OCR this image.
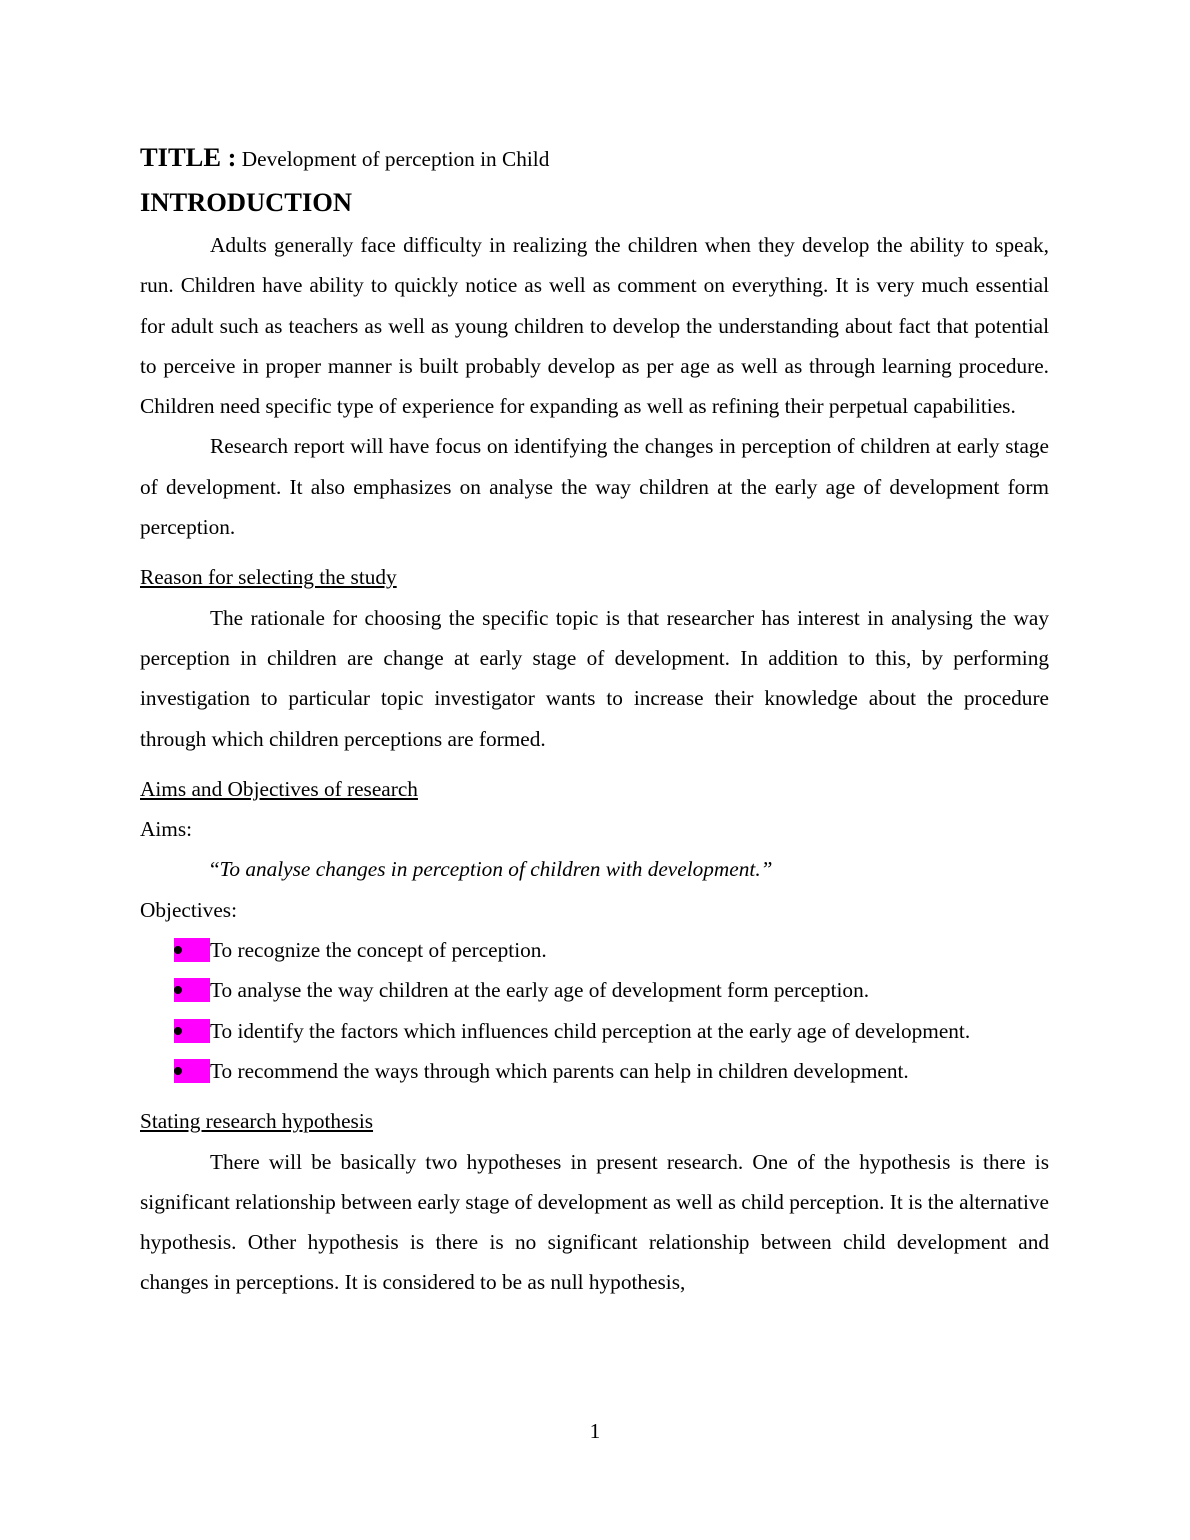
TITLE : Development of perception in Child

INTRODUCTION

Adults generally face difficulty in realizing the children when they develop the ability to speak, run. Children have ability to quickly notice as well as comment on everything. It is very much essential for adult such as teachers as well as young children to develop the understanding about fact that potential to perceive in proper manner is built probably develop as per age as well as through learning procedure. Children need specific type of experience for expanding as well as refining their perpetual capabilities.

Research report will have focus on identifying the changes in perception of children at early stage of development. It also emphasizes on analyse the way children at the early age of development form perception.

Reason for selecting the study

The rationale for choosing the specific topic is that researcher has interest in analysing the way perception in children are change at early stage of development. In addition to this, by performing investigation to particular topic investigator wants to increase their knowledge about the procedure through which children perceptions are formed.

Aims and Objectives of research

Aims:

“To analyse changes in perception of children with development.”

Objectives:

To recognize the concept of perception.
To analyse the way children at the early age of development form perception.
To identify the factors which influences child perception at the early age of development.
To recommend the ways through which parents can help in children development.

Stating research hypothesis

There will be basically two hypotheses in present research. One of the hypothesis is there is significant relationship between early stage of development as well as child perception. It is the alternative hypothesis. Other hypothesis is there is no significant relationship between child development and changes in perceptions. It is considered to be as null hypothesis,

1
